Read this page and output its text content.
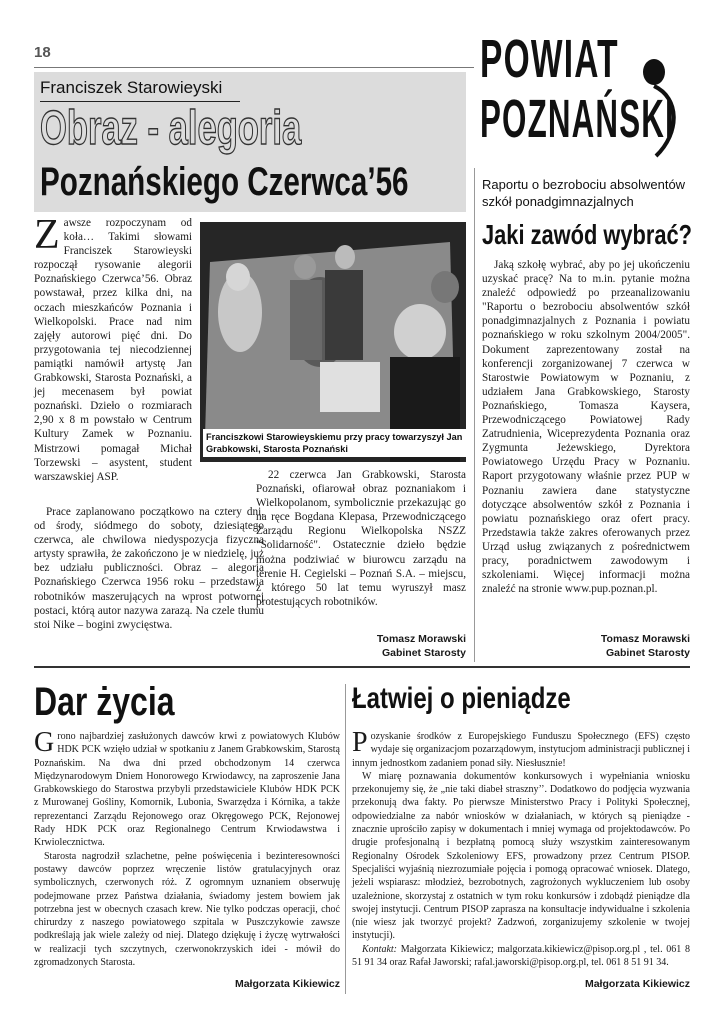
18	POWIAT
POZNAŃSKI
Franciszek Starowieyski
Obraz - alegoria
Poznańskiego Czerwca’56

Zawsze rozpoczynam od koła… Takimi słowami Franciszek Starowieyski rozpoczął rysowanie alegorii Poznańskiego Czerwca’56. Obraz powstawał, przez kilka dni, na oczach mieszkańców Poznania i Wielkopolski. Prace nad nim zajęły autorowi pięć dni. Do przygotowania tej niecodziennej pamiątki namówił artystę Jan Grabkowski, Starosta Poznański, a jej mecenasem był powiat poznański. Dzieło o rozmiarach 2,90 x 8 m powstało w Centrum Kultury Zamek w Poznaniu. Mistrzowi pomagał Michał Torzewski – asystent, student warszawskiej ASP.

Prace zaplanowano początkowo na cztery dni, od środy, siódmego do soboty, dziesiątego czerwca, ale chwilowa niedyspozycja fizyczna artysty sprawiła, że zakończono je w niedzielę, już bez udziału publiczności. Obraz – alegoria Poznańskiego Czerwca 1956 roku – przedstawia robotników maszerujących na wprost potwornej postaci, którą autor nazywa zarazą. Na czele tłumu stoi Nike – bogini zwycięstwa.

Franciszkowi Starowieyskiemu przy pracy towarzyszył Jan Grabkowski, Starosta Poznański

22 czerwca Jan Grabkowski, Starosta Poznański, ofiarował obraz poznaniakom i Wielkopolanom, symbolicznie przekazując go na ręce Bogdana Klepasa, Przewodniczącego Zarządu Regionu Wielkopolska NSZZ "Solidarność". Ostatecznie dzieło będzie można podziwiać w biurowcu zarządu na terenie H. Cegielski – Poznań S.A. – miejscu, z którego 50 lat temu wyruszył masz protestujących robotników.

Tomasz Morawski
Gabinet Starosty
Raportu o bezrobociu absolwentów szkół ponadgimnazjalnych
Jaki zawód wybrać?

Jaką szkołę wybrać, aby po jej ukończeniu uzyskać pracę? Na to m.in. pytanie można znaleźć odpowiedź po przeanalizowaniu "Raportu o bezrobociu absolwentów szkół ponadgimnazjalnych z Poznania i powiatu poznańskiego w roku szkolnym 2004/2005". Dokument zaprezentowany został na konferencji zorganizowanej 7 czerwca w Starostwie Powiatowym w Poznaniu, z udziałem Jana Grabkowskiego, Starosty Poznańskiego, Tomasza Kaysera, Przewodniczącego Powiatowej Rady Zatrudnienia, Wiceprezydenta Poznania oraz Zygmunta Jeżewskiego, Dyrektora Powiatowego Urzędu Pracy w Poznaniu. Raport przygotowany właśnie przez PUP w Poznaniu zawiera dane statystyczne dotyczące absolwentów szkół z Poznania i powiatu poznańskiego oraz ofert pracy. Przedstawia także zakres oferowanych przez Urząd usług związanych z pośrednictwem pracy, poradnictwem zawodowym i szkoleniami. Więcej informacji można znaleźć na stronie www.pup.poznan.pl.

Tomasz Morawski
Gabinet Starosty
Dar życia

Grono najbardziej zasłużonych dawców krwi z powiatowych Klubów HDK PCK wzięło udział w spotkaniu z Janem Grabkowskim, Starostą Poznańskim. Na dwa dni przed obchodzonym 14 czerwca Międzynarodowym Dniem Honorowego Krwiodawcy, na zaproszenie Jana Grabkowskiego do Starostwa przybyli przedstawiciele Klubów HDK PCK z Murowanej Gośliny, Komornik, Lubonia, Swarzędza i Kórnika, a także reprezentanci Zarządu Rejonowego oraz Okręgowego PCK, Rejonowej Rady HDK PCK oraz Regionalnego Centrum Krwiodawstwa i Krwiolecznictwa.

Starosta nagrodził szlachetne, pełne poświęcenia i bezinteresowności postawy dawców poprzez wręczenie listów gratulacyjnych oraz symbolicznych, czerwonych róż. Z ogromnym uznaniem obserwuję podejmowane przez Państwa działania, świadomy jestem bowiem jak potrzebna jest w obecnych czasach krew. Nie tylko podczas operacji, choć chirurdzy z naszego powiatowego szpitala w Puszczykowie zawsze podkreślają jak wiele zależy od niej. Dlatego dziękuję i życzę wytrwałości w realizacji tych szczytnych, czerwonokrzyskich idei - mówił do zgromadzonych Starosta.

Małgorzata Kikiewicz
Łatwiej o pieniądze

Pozyskanie środków z Europejskiego Funduszu Społecznego (EFS) często wydaje się organizacjom pozarządowym, instytucjom administracji publicznej i innym jednostkom zadaniem ponad siły. Niesłusznie!

W miarę poznawania dokumentów konkursowych i wypełniania wniosku przekonujemy się, że „nie taki diabeł straszny’’. Dodatkowo do podjęcia wyzwania przekonują dwa fakty. Po pierwsze Ministerstwo Pracy i Polityki Społecznej, odpowiedzialne za nabór wniosków w działaniach, w których są pieniądze - znacznie uprościło zapisy w dokumentach i mniej wymaga od projektodawców. Po drugie profesjonalną i bezpłatną pomocą służy wszystkim zainteresowanym Regionalny Ośrodek Szkoleniowy EFS, prowadzony przez Centrum PISOP. Specjaliści wyjaśnią niezrozumiałe pojęcia i pomogą opracować wniosek. Dlatego, jeżeli wspiarasz: młodzież, bezrobotnych, zagrożonych wykluczeniem lub osoby uzależnione, skorzystaj z ostatnich w tym roku konkursów i zdobądź pieniądze dla swojej instytucji. Centrum PISOP zaprasza na konsultacje indywidualne i szkolenia (nie wiesz jak tworzyć projekt? Zadzwoń, zorganizujemy szkolenie w twojej instytucji).

Kontakt: Małgorzata Kikiewicz; malgorzata.kikiewicz@pisop.org.pl , tel. 061 8 51 91 34 oraz Rafał Jaworski; rafal.jaworski@pisop.org.pl, tel. 061 8 51 91 34.

Małgorzata Kikiewicz
